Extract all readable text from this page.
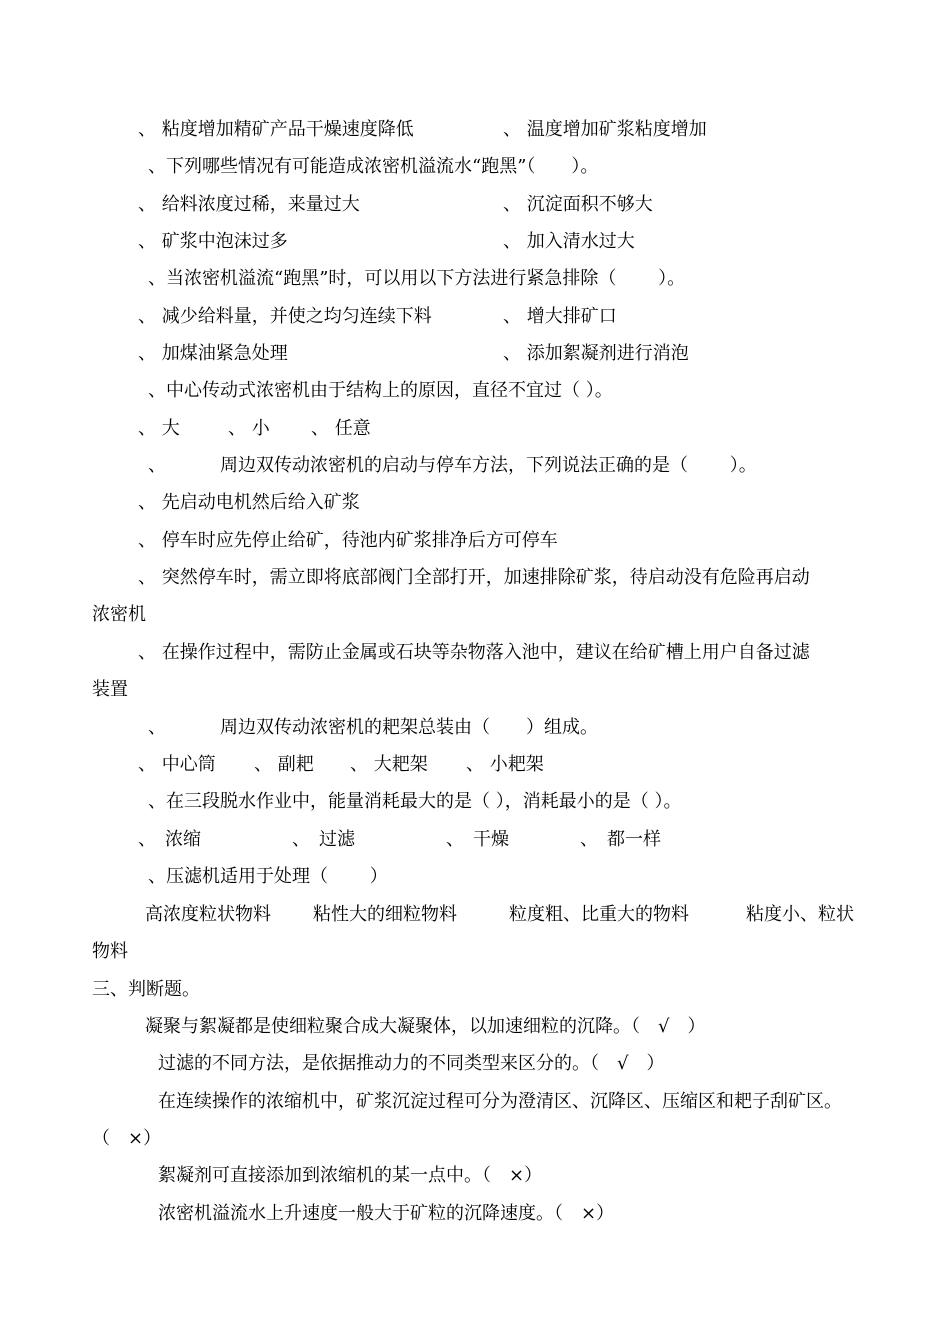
、 粘度增加精矿产品干燥速度降低	、 温度增加矿浆粘度增加
、下列哪些情况有可能造成浓密机溢流水“跑黑”（　　）。
、 给料浓度过稀，来量过大	、 沉淀面积不够大
、 矿浆中泡沫过多	、 加入清水过大
、当浓密机溢流“跑黑”时，可以用以下方法进行紧急排除（　　 ）。
、 减少给料量，并使之均匀连续下料	、 增大排矿口
、 加煤油紧急处理	、 添加絮凝剂进行消泡
、中心传动式浓密机由于结构上的原因，直径不宜过（ ）。
、 大	、 小 、 任意
、	周边双传动浓密机的启动与停车方法，下列说法正确的是（　　 ）。
、 先启动电机然后给入矿浆
、 停车时应先停止给矿，待池内矿浆排净后方可停车
、 突然停车时，需立即将底部阀门全部打开，加速排除矿浆，待启动没有危险再启动
浓密机
、 在操作过程中，需防止金属或石块等杂物落入池中，建议在给矿槽上用户自备过滤
装置
、	周边双传动浓密机的耙架总装由（　　）组成。
、 中心筒 、 副耙 、 大耙架 、 小耙架
、在三段脱水作业中，能量消耗最大的是（ ），消耗最小的是（ ）。
、　浓缩	、　过滤	、　干燥	、　都一样
、压滤机适用于处理（　　 ）
高浓度粒状物料 粘性大的细粒物料	粒度粗、比重大的物料	粘度小、粒状
物料
三、判断题。
凝聚与絮凝都是使细粒聚合成大凝聚体，以加速细粒的沉降。（　√　）
过滤的不同方法，是依据推动力的不同类型来区分的。（　√　）
在连续操作的浓缩机中，矿浆沉淀过程可分为澄清区、沉降区、压缩区和耙子刮矿区。
（　×）
絮凝剂可直接添加到浓缩机的某一点中。（　×）
浓密机溢流水上升速度一般大于矿粒的沉降速度。（　×）
